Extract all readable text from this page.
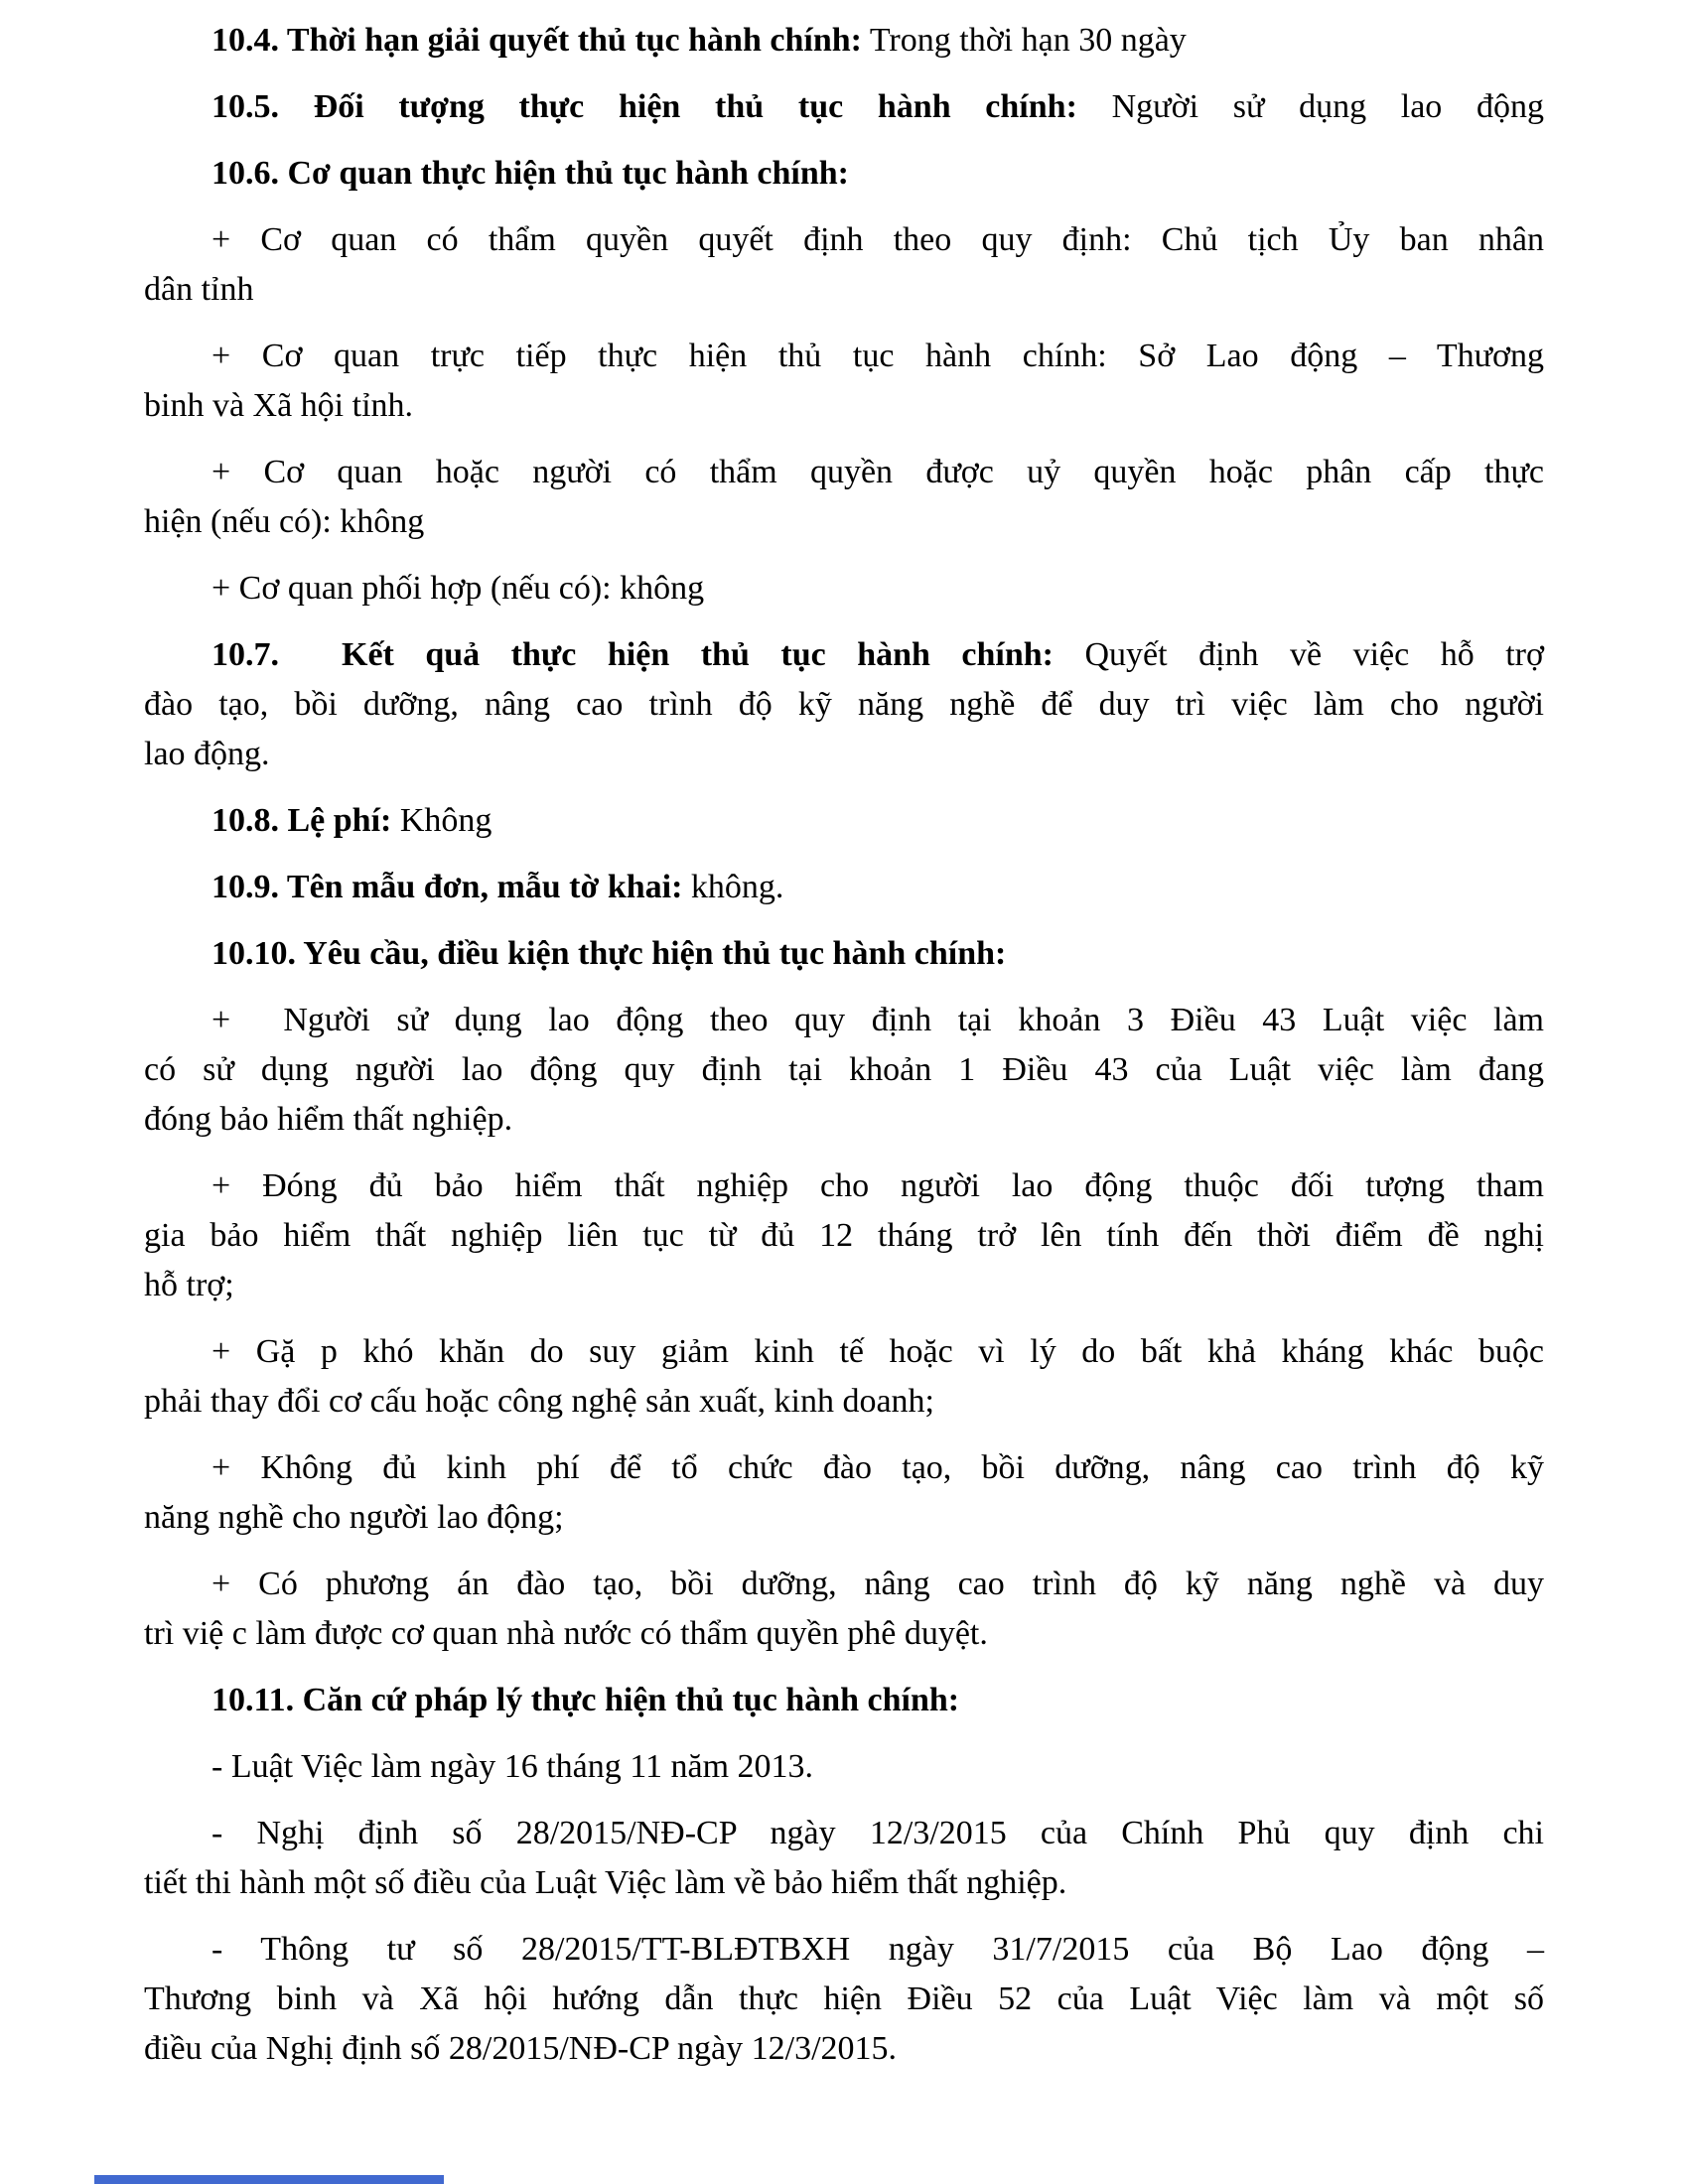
10.4. Thời hạn giải quyết thủ tục hành chính: Trong thời hạn 30 ngày
10.5. Đối tượng thực hiện thủ tục hành chính: Người sử dụng lao động
10.6. Cơ quan thực hiện thủ tục hành chính:
+ Cơ quan có thẩm quyền quyết định theo quy định: Chủ tịch Ủy ban nhân
dân tỉnh
+ Cơ quan trực tiếp thực hiện thủ tục hành chính: Sở Lao động – Thương
binh và Xã hội tỉnh.
+ Cơ quan hoặc người có thẩm quyền được uỷ quyền hoặc phân cấp thực
hiện (nếu có): không
+ Cơ quan phối hợp (nếu có): không
10.7.  Kết quả thực hiện thủ tục hành chính: Quyết định về việc hỗ trợ
đào tạo, bồi dưỡng, nâng cao trình độ kỹ năng nghề để duy trì việc làm cho người
lao động.
10.8. Lệ phí: Không
10.9. Tên mẫu đơn, mẫu tờ khai: không.
10.10. Yêu cầu, điều kiện thực hiện thủ tục hành chính:
+  Người sử dụng lao động theo quy định tại khoản 3 Điều 43 Luật việc làm
có sử dụng người lao động quy định tại khoản 1 Điều 43 của Luật việc làm đang
đóng bảo hiểm thất nghiệp.
+ Đóng đủ bảo hiểm thất nghiệp cho người lao động thuộc đối tượng tham
gia bảo hiểm thất nghiệp liên tục từ đủ 12 tháng trở lên tính đến thời điểm đề nghị
hỗ trợ;
+ Gặ p khó khăn do suy giảm kinh tế hoặc vì lý do bất khả kháng khác buộc
phải thay đổi cơ cấu hoặc công nghệ sản xuất, kinh doanh;
+ Không đủ kinh phí để tổ chức đào tạo, bồi dưỡng, nâng cao trình độ kỹ
năng nghề cho người lao động;
+ Có phương án đào tạo, bồi dưỡng, nâng cao trình độ kỹ năng nghề và duy
trì việ c làm được cơ quan nhà nước có thẩm quyền phê duyệt.
10.11. Căn cứ pháp lý thực hiện thủ tục hành chính:
- Luật Việc làm ngày 16 tháng 11 năm 2013.
- Nghị định số 28/2015/NĐ-CP ngày 12/3/2015 của Chính Phủ quy định chi
tiết thi hành một số điều của Luật Việc làm về bảo hiểm thất nghiệp.
- Thông tư số 28/2015/TT-BLĐTBXH ngày 31/7/2015 của Bộ Lao động –
Thương binh và Xã hội hướng dẫn thực hiện Điều 52 của Luật Việc làm và một số
điều của Nghị định số 28/2015/NĐ-CP ngày 12/3/2015.
